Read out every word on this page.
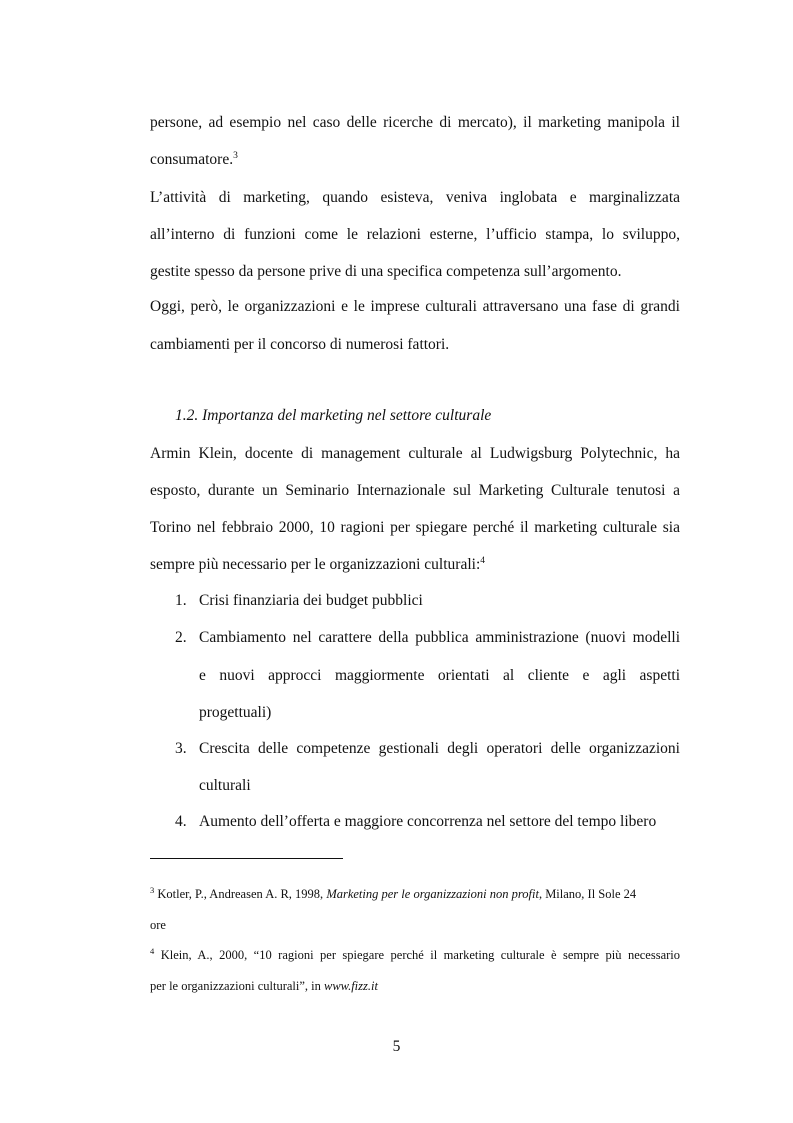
persone, ad esempio nel caso delle ricerche di mercato), il marketing manipola il
consumatore.$^3$
L’attività di marketing, quando esisteva, veniva inglobata e marginalizzata
all’interno di funzioni come le relazioni esterne, l’ufficio stampa, lo sviluppo,
gestite spesso da persone prive di una specifica competenza sull’argomento.
Oggi, però, le organizzazioni e le imprese culturali attraversano una fase di grandi
cambiamenti per il concorso di numerosi fattori.
1.2. Importanza del marketing nel settore culturale
Armin Klein, docente di management culturale al Ludwigsburg Polytechnic, ha
esposto, durante un Seminario Internazionale sul Marketing Culturale tenutosi a
Torino nel febbraio 2000, 10 ragioni per spiegare perché il marketing culturale sia
sempre più necessario per le organizzazioni culturali:$^4$
1. Crisi finanziaria dei budget pubblici
2. Cambiamento nel carattere della pubblica amministrazione (nuovi modelli
e nuovi approcci maggiormente orientati al cliente e agli aspetti
progettuali)
3. Crescita delle competenze gestionali degli operatori delle organizzazioni
culturali
4. Aumento dell’offerta e maggiore concorrenza nel settore del tempo libero
$^3$ Kotler, P., Andreasen A. R, 1998, Marketing per le organizzazioni non profit, Milano, Il Sole 24
ore
$^4$ Klein, A., 2000, “10 ragioni per spiegare perché il marketing culturale è sempre più necessario
per le organizzazioni culturali”, in www.fizz.it
5
